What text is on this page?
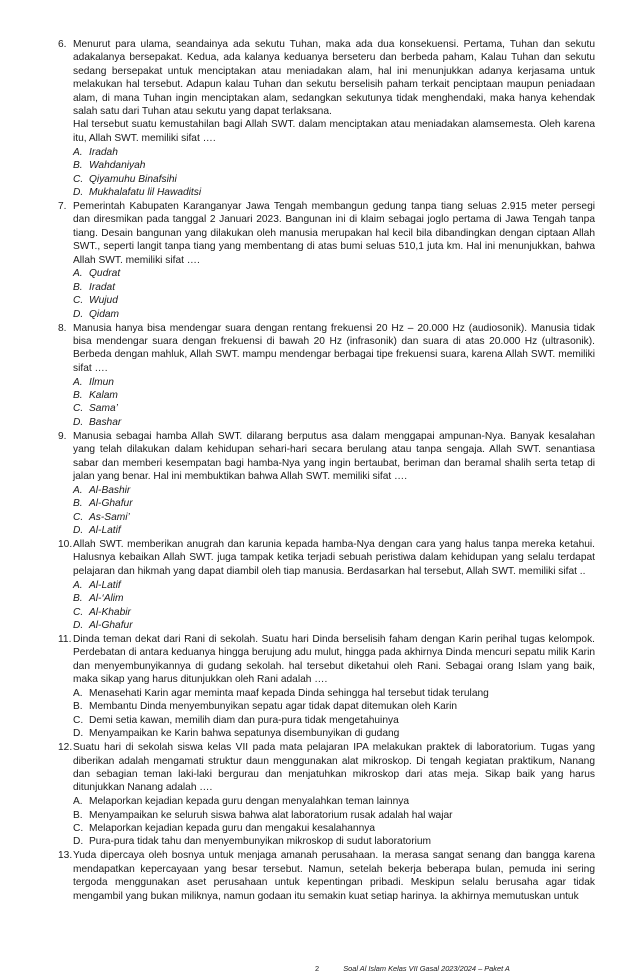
6. Menurut para ulama, seandainya ada sekutu Tuhan, maka ada dua konsekuensi. Pertama, Tuhan dan sekutu adakalanya bersepakat. Kedua, ada kalanya keduanya berseteru dan berbeda paham, Kalau Tuhan dan sekutu sedang bersepakat untuk menciptakan atau meniadakan alam, hal ini menunjukkan adanya kerjasama untuk melakukan hal tersebut. Adapun kalau Tuhan dan sekutu berselisih paham terkait penciptaan maupun peniadaan alam, di mana Tuhan ingin menciptakan alam, sedangkan sekutunya tidak menghendaki, maka hanya kehendak salah satu dari Tuhan atau sekutu yang dapat terlaksana.
Hal tersebut suatu kemustahilan bagi Allah SWT. dalam menciptakan atau meniadakan alamsemesta. Oleh karena itu, Allah SWT. memiliki sifat ….
A. Iradah
B. Wahdaniyah
C. Qiyamuhu Binafsihi
D. Mukhalafatu lil Hawaditsi
7. Pemerintah Kabupaten Karanganyar Jawa Tengah membangun gedung tanpa tiang seluas 2.915 meter persegi dan diresmikan pada tanggal 2 Januari 2023. Bangunan ini di klaim sebagai joglo pertama di Jawa Tengah tanpa tiang. Desain bangunan yang dilakukan oleh manusia merupakan hal kecil bila dibandingkan dengan ciptaan Allah SWT., seperti langit tanpa tiang yang membentang di atas bumi seluas 510,1 juta km. Hal ini menunjukkan, bahwa Allah SWT. memiliki sifat ….
A. Qudrat
B. Iradat
C. Wujud
D. Qidam
8. Manusia hanya bisa mendengar suara dengan rentang frekuensi 20 Hz – 20.000 Hz (audiosonik). Manusia tidak bisa mendengar suara dengan frekuensi di bawah 20 Hz (infrasonik) dan suara di atas 20.000 Hz (ultrasonik). Berbeda dengan mahluk, Allah SWT. mampu mendengar berbagai tipe frekuensi suara, karena Allah SWT. memiliki sifat ….
A. Ilmun
B. Kalam
C. Sama’
D. Bashar
9. Manusia sebagai hamba Allah SWT. dilarang berputus asa dalam menggapai ampunan-Nya. Banyak kesalahan yang telah dilakukan dalam kehidupan sehari-hari secara berulang atau tanpa sengaja. Allah SWT. senantiasa sabar dan memberi kesempatan bagi hamba-Nya yang ingin bertaubat, beriman dan beramal shalih serta tetap di jalan yang benar. Hal ini membuktikan bahwa Allah SWT. memiliki sifat ….
A. Al-Bashir
B. Al-Ghafur
C. As-Sami’
D. Al-Latif
10. Allah SWT. memberikan anugrah dan karunia kepada hamba-Nya dengan cara yang halus tanpa mereka ketahui. Halusnya kebaikan Allah SWT. juga tampak ketika terjadi sebuah peristiwa dalam kehidupan yang selalu terdapat pelajaran dan hikmah yang dapat diambil oleh tiap manusia. Berdasarkan hal tersebut, Allah SWT. memiliki sifat ..
A. Al-Latif
B. Al-‘Alim
C. Al-Khabir
D. Al-Ghafur
11. Dinda teman dekat dari Rani di sekolah. Suatu hari Dinda berselisih faham dengan Karin perihal tugas kelompok. Perdebatan di antara keduanya hingga berujung adu mulut, hingga pada akhirnya Dinda mencuri sepatu milik Karin dan menyembunyikannya di gudang sekolah. hal tersebut diketahui oleh Rani. Sebagai orang Islam yang baik, maka sikap yang harus ditunjukkan oleh Rani adalah ….
A. Menasehati Karin agar meminta maaf kepada Dinda sehingga hal tersebut tidak terulang
B. Membantu Dinda menyembunyikan sepatu agar tidak dapat ditemukan oleh Karin
C. Demi setia kawan, memilih diam dan pura-pura tidak mengetahuinya
D. Menyampaikan ke Karin bahwa sepatunya disembunyikan di gudang
12. Suatu hari di sekolah siswa kelas VII pada mata pelajaran IPA melakukan praktek di laboratorium. Tugas yang diberikan adalah mengamati struktur daun menggunakan alat mikroskop. Di tengah kegiatan praktikum, Nanang dan sebagian teman laki-laki bergurau dan menjatuhkan mikroskop dari atas meja. Sikap baik yang harus ditunjukkan Nanang adalah ….
A. Melaporkan kejadian kepada guru dengan menyalahkan teman lainnya
B. Menyampaikan ke seluruh siswa bahwa alat laboratorium rusak adalah hal wajar
C. Melaporkan kejadian kepada guru dan mengakui kesalahannya
D. Pura-pura tidak tahu dan menyembunyikan mikroskop di sudut laboratorium
13. Yuda dipercaya oleh bosnya untuk menjaga amanah perusahaan. Ia merasa sangat senang dan bangga karena mendapatkan kepercayaan yang besar tersebut. Namun, setelah bekerja beberapa bulan, pemuda ini sering tergoda menggunakan aset perusahaan untuk kepentingan pribadi. Meskipun selalu berusaha agar tidak mengambil yang bukan miliknya, namun godaan itu semakin kuat setiap harinya. Ia akhirnya memutuskan untuk
2	Soal Al Islam Kelas VII Gasal 2023/2024 – Paket A
